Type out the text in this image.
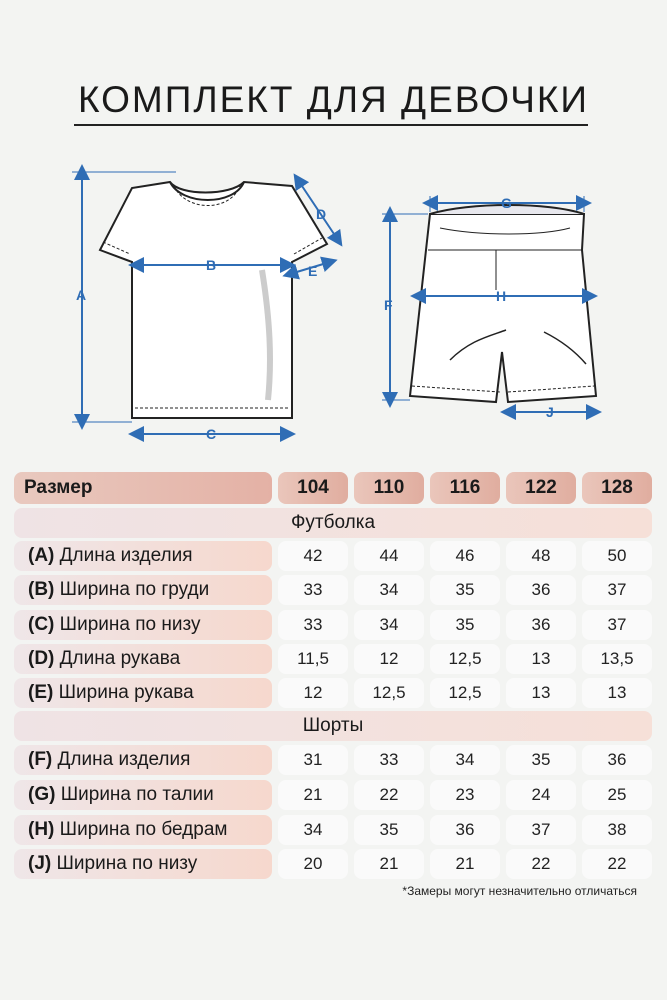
КОМПЛЕКТ ДЛЯ ДЕВОЧКИ
A
B
C
D
E
F
G
H
J
Размер	104	110	116	122	128
Футболка
(A) Длина изделия	42	44	46	48	50
(B) Ширина по груди	33	34	35	36	37
(C) Ширина по низу	33	34	35	36	37
(D) Длина рукава	11,5	12	12,5	13	13,5
(E) Ширина рукава	12	12,5	12,5	13	13
Шорты
(F) Длина изделия	31	33	34	35	36
(G) Ширина по талии	21	22	23	24	25
(H) Ширина по бедрам	34	35	36	37	38
(J) Ширина по низу	20	21	21	22	22
*Замеры могут незначительно отличаться
